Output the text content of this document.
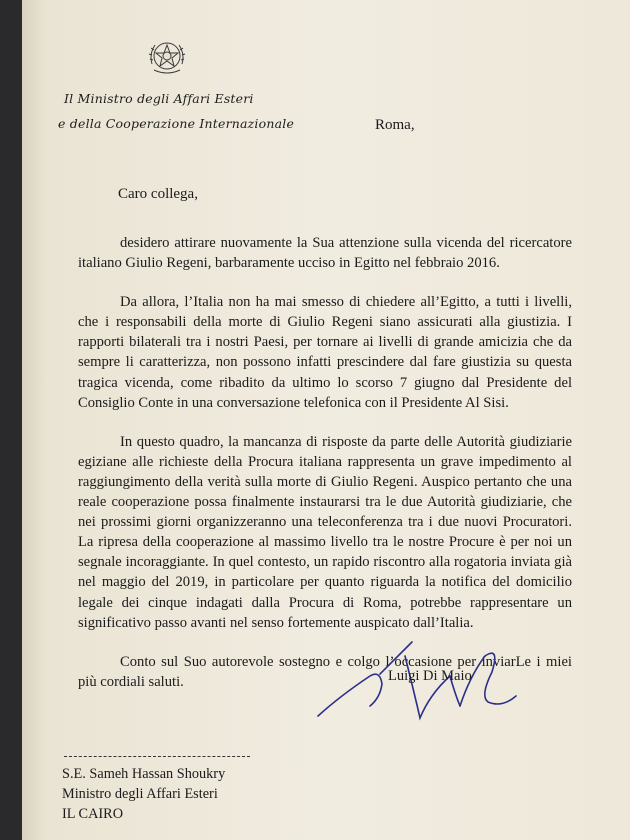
Il Ministro degli Affari Esteri
e della Cooperazione Internazionale	Roma,
Caro collega,

desidero attirare nuovamente la Sua attenzione sulla vicenda del ricercatore italiano Giulio Regeni, barbaramente ucciso in Egitto nel febbraio 2016.

Da allora, l’Italia non ha mai smesso di chiedere all’Egitto, a tutti i livelli, che i responsabili della morte di Giulio Regeni siano assicurati alla giustizia. I rapporti bilaterali tra i nostri Paesi, per tornare ai livelli di grande amicizia che da sempre li caratterizza, non possono infatti prescindere dal fare giustizia su questa tragica vicenda, come ribadito da ultimo lo scorso 7 giugno dal Presidente del Consiglio Conte in una conversazione telefonica con il Presidente Al Sisi.

In questo quadro, la mancanza di risposte da parte delle Autorità giudiziarie egiziane alle richieste della Procura italiana rappresenta un grave impedimento al raggiungimento della verità sulla morte di Giulio Regeni. Auspico pertanto che una reale cooperazione possa finalmente instaurarsi tra le due Autorità giudiziarie, che nei prossimi giorni organizzeranno una teleconferenza tra i due nuovi Procuratori. La ripresa della cooperazione al massimo livello tra le nostre Procure è per noi un segnale incoraggiante. In quel contesto, un rapido riscontro alla rogatoria inviata già nel maggio del 2019, in particolare per quanto riguarda la notifica del domicilio legale dei cinque indagati dalla Procura di Roma, potrebbe rappresentare un significativo passo avanti nel senso fortemente auspicato dall’Italia.

Conto sul Suo autorevole sostegno e colgo l’occasione per inviarLe i miei più cordiali saluti.	Luigi Di Maio
S.E. Sameh Hassan Shoukry
Ministro degli Affari Esteri
IL CAIRO
